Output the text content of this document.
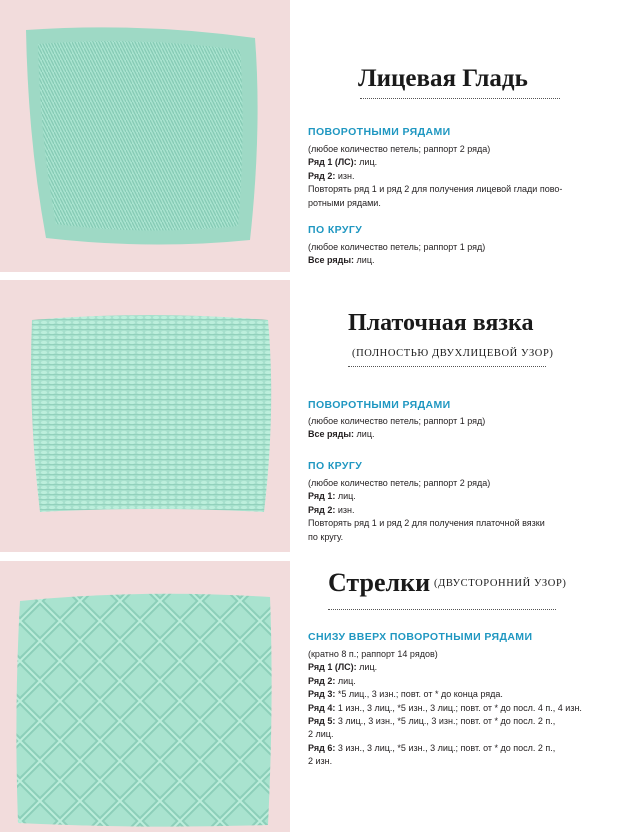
Лицевая Гладь
ПОВОРОТНЫМИ РЯДАМИ
(любое количество петель; раппорт 2 ряда)
Ряд 1 (ЛС): лиц.
Ряд 2: изн.
Повторять ряд 1 и ряд 2 для получения лицевой глади пово-
ротными рядами.
ПО КРУГУ
(любое количество петель; раппорт 1 ряд)
Все ряды: лиц.
Платочная вязка
(ПОЛНОСТЬЮ ДВУХЛИЦЕВОЙ УЗОР)
ПОВОРОТНЫМИ РЯДАМИ
(любое количество петель; раппорт 1 ряд)
Все ряды: лиц.
ПО КРУГУ
(любое количество петель; раппорт 2 ряда)
Ряд 1: лиц.
Ряд 2: изн.
Повторять ряд 1 и ряд 2 для получения платочной вязки
по кругу.
Стрелки (ДВУСТОРОННИЙ УЗОР)
СНИЗУ ВВЕРХ ПОВОРОТНЫМИ РЯДАМИ
(кратно 8 п.; раппорт 14 рядов)
Ряд 1 (ЛС): лиц.
Ряд 2: лиц.
Ряд 3: *5 лиц., 3 изн.; повт. от * до конца ряда.
Ряд 4: 1 изн., 3 лиц., *5 изн., 3 лиц.; повт. от * до посл. 4 п., 4 изн.
Ряд 5: 3 лиц., 3 изн., *5 лиц., 3 изн.; повт. от * до посл. 2 п.,
2 лиц.
Ряд 6: 3 изн., 3 лиц., *5 изн., 3 лиц.; повт. от * до посл. 2 п.,
2 изн.
